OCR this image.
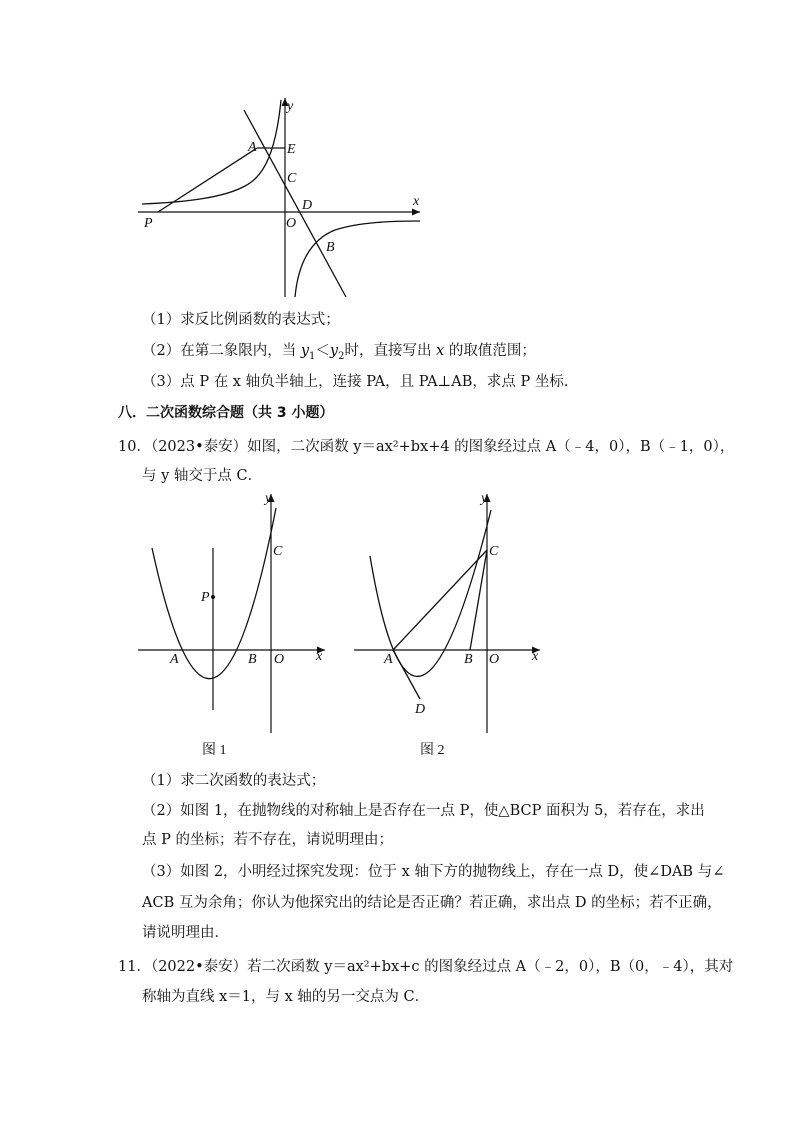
y
x
A E
C
D
O
P
B
（1）求反比例函数的表达式；
（2）在第二象限内，当 $y_1<y_2$时，直接写出 x 的取值范围；
（3）点 P 在 x 轴负半轴上，连接 PA，且 PA⊥AB，求点 P 坐标．
八．二次函数综合题（共 3 小题）
10．（2023•泰安）如图，二次函数 y＝ax²+bx+4 的图象经过点 A（﹣4，0），B（﹣1，0），
与 y 轴交于点 C．
y
x
C
P
A	B O
图 1
y
x
C
A	B O
D
图 2
（1）求二次函数的表达式；
（2）如图 1，在抛物线的对称轴上是否存在一点 P，使△BCP 面积为 5，若存在，求出
点 P 的坐标；若不存在，请说明理由；
（3）如图 2，小明经过探究发现：位于 x 轴下方的抛物线上，存在一点 D，使∠DAB 与∠
ACB 互为余角；你认为他探究出的结论是否正确？若正确，求出点 D 的坐标；若不正确，
请说明理由．
11．（2022•泰安）若二次函数 y＝ax²+bx+c 的图象经过点 A（﹣2，0），B（0，﹣4），其对
称轴为直线 x＝1，与 x 轴的另一交点为 C．
